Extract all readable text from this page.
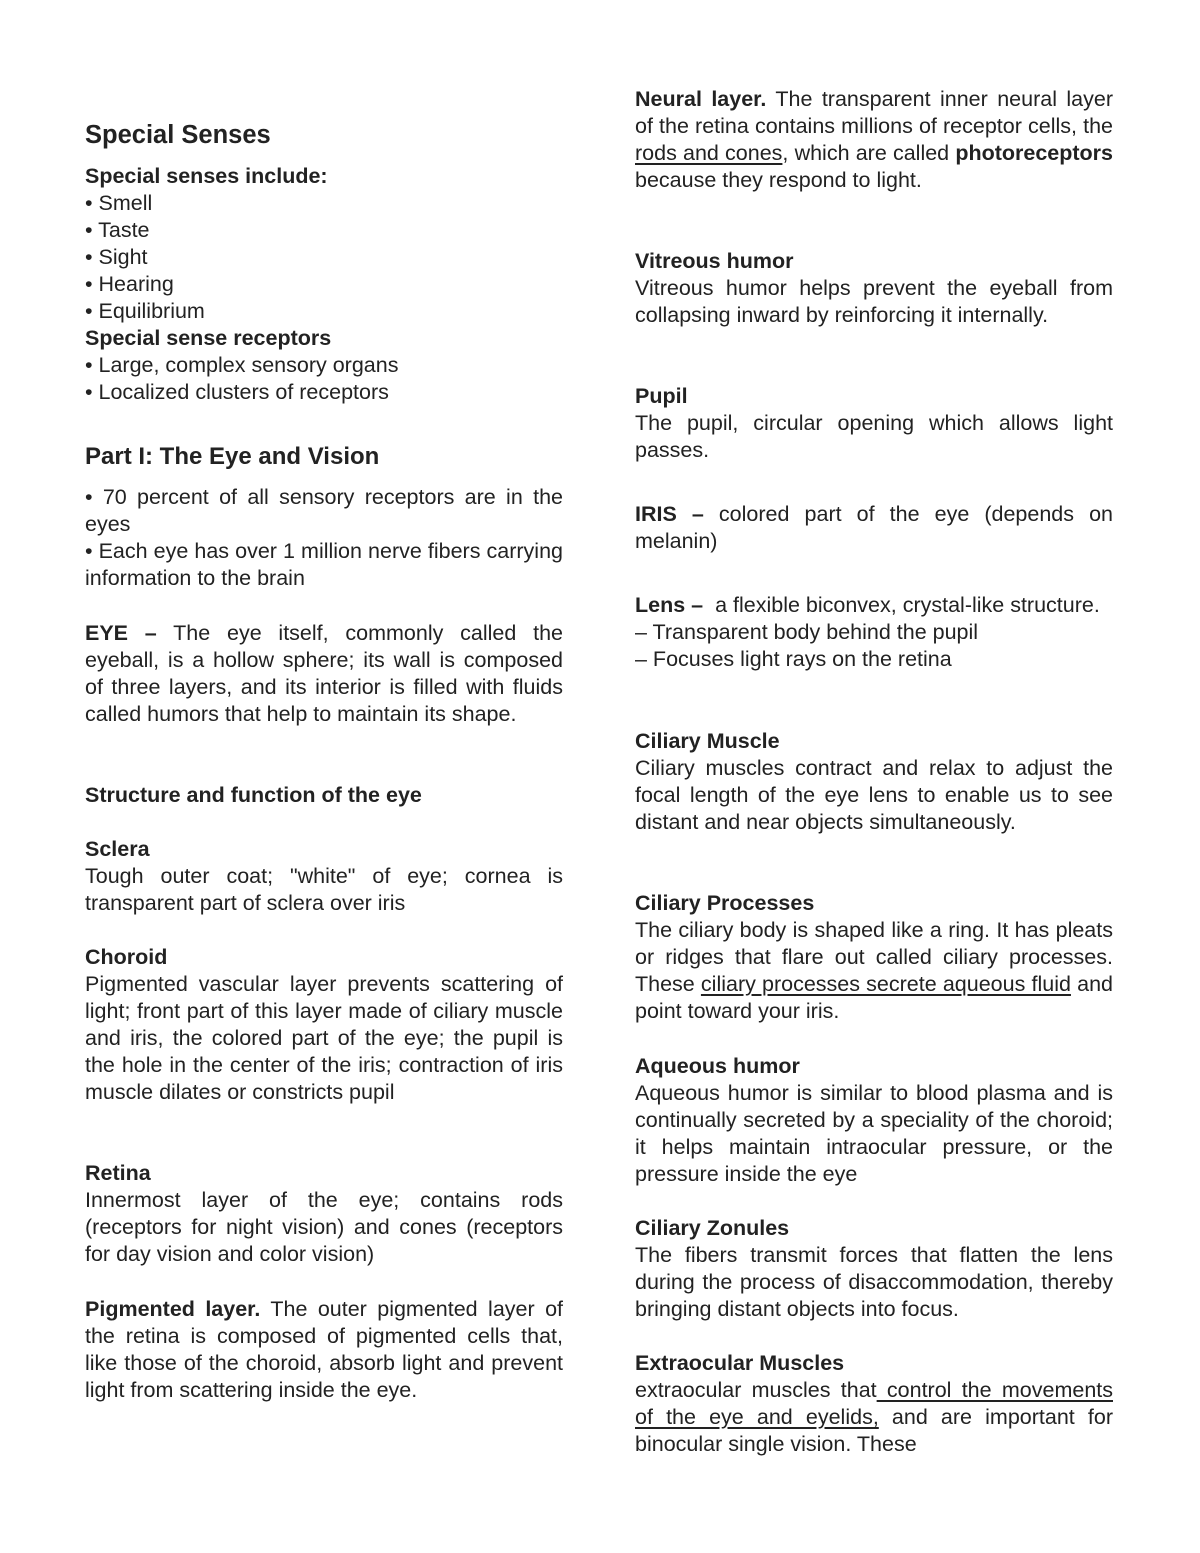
Special Senses
Special senses include:
• Smell
• Taste
• Sight
• Hearing
• Equilibrium
Special sense receptors
• Large, complex sensory organs
• Localized clusters of receptors
Part I: The Eye and Vision
• 70 percent of all sensory receptors are in the eyes
• Each eye has over 1 million nerve fibers carrying information to the brain
EYE – The eye itself, commonly called the eyeball, is a hollow sphere; its wall is composed of three layers, and its interior is filled with fluids called humors that help to maintain its shape.
Structure and function of the eye
Sclera
Tough outer coat; "white" of eye; cornea is transparent part of sclera over iris
Choroid
Pigmented vascular layer prevents scattering of light; front part of this layer made of ciliary muscle and iris, the colored part of the eye; the pupil is the hole in the center of the iris; contraction of iris muscle dilates or constricts pupil
Retina
Innermost layer of the eye; contains rods (receptors for night vision) and cones (receptors for day vision and color vision)
Pigmented layer. The outer pigmented layer of the retina is composed of pigmented cells that, like those of the choroid, absorb light and prevent light from scattering inside the eye.
Neural layer. The transparent inner neural layer of the retina contains millions of receptor cells, the rods and cones, which are called photoreceptors because they respond to light.
Vitreous humor
Vitreous humor helps prevent the eyeball from collapsing inward by reinforcing it internally.
Pupil
The pupil, circular opening which allows light passes.
IRIS – colored part of the eye (depends on melanin)
Lens –  a flexible biconvex, crystal-like structure.
– Transparent body behind the pupil
– Focuses light rays on the retina
Ciliary Muscle
Ciliary muscles contract and relax to adjust the focal length of the eye lens to enable us to see distant and near objects simultaneously.
Ciliary Processes
The ciliary body is shaped like a ring. It has pleats or ridges that flare out called ciliary processes. These ciliary processes secrete aqueous fluid and point toward your iris.
Aqueous humor
Aqueous humor is similar to blood plasma and is continually secreted by a speciality of the choroid; it helps maintain intraocular pressure, or the pressure inside the eye
Ciliary Zonules
The fibers transmit forces that flatten the lens during the process of disaccommodation, thereby bringing distant objects into focus.
Extraocular Muscles
extraocular muscles that control the movements of the eye and eyelids, and are important for binocular single vision. These
